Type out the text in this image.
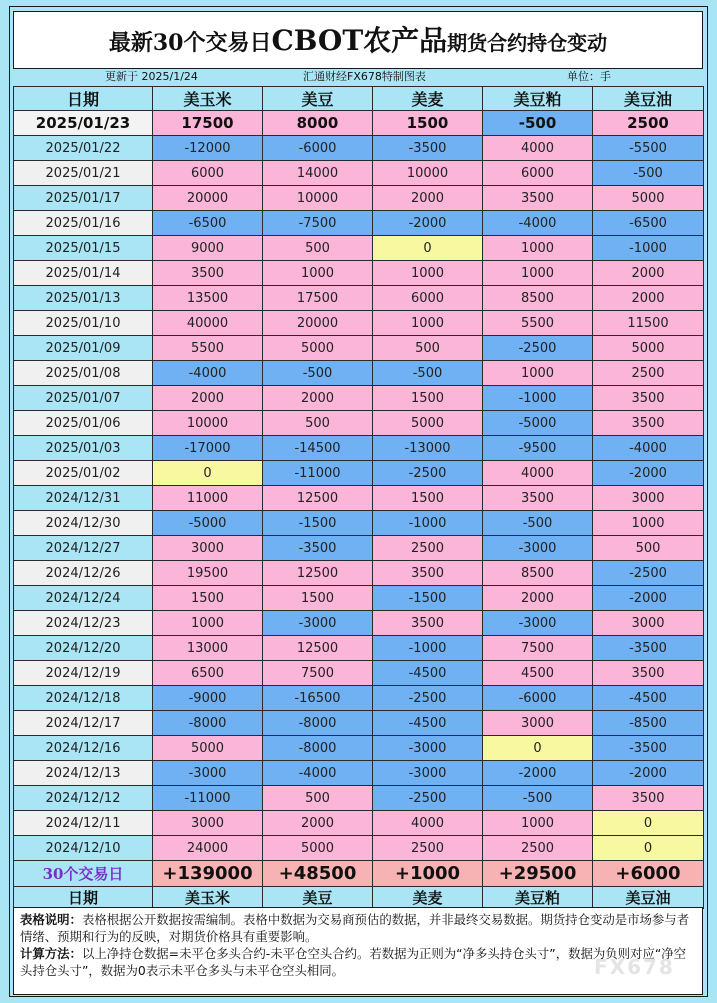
最新30个交易日CBOT农产品期货合约持仓变动
更新于 2025/1/24	汇通财经FX678特制图表	单位：手
日期	美玉米	美豆	美麦	美豆粕	美豆油
2025/01/23	17500	8000	1500	-500	2500
2025/01/22	-12000	-6000	-3500	4000	-5500
2025/01/21	6000	14000	10000	6000	-500
2025/01/17	20000	10000	2000	3500	5000
2025/01/16	-6500	-7500	-2000	-4000	-6500
2025/01/15	9000	500	0	1000	-1000
2025/01/14	3500	1000	1000	1000	2000
2025/01/13	13500	17500	6000	8500	2000
2025/01/10	40000	20000	1000	5500	11500
2025/01/09	5500	5000	500	-2500	5000
2025/01/08	-4000	-500	-500	1000	2500
2025/01/07	2000	2000	1500	-1000	3500
2025/01/06	10000	500	5000	-5000	3500
2025/01/03	-17000	-14500	-13000	-9500	-4000
2025/01/02	0	-11000	-2500	4000	-2000
2024/12/31	11000	12500	1500	3500	3000
2024/12/30	-5000	-1500	-1000	-500	1000
2024/12/27	3000	-3500	2500	-3000	500
2024/12/26	19500	12500	3500	8500	-2500
2024/12/24	1500	1500	-1500	2000	-2000
2024/12/23	1000	-3000	3500	-3000	3000
2024/12/20	13000	12500	-1000	7500	-3500
2024/12/19	6500	7500	-4500	4500	3500
2024/12/18	-9000	-16500	-2500	-6000	-4500
2024/12/17	-8000	-8000	-4500	3000	-8500
2024/12/16	5000	-8000	-3000	0	-3500
2024/12/13	-3000	-4000	-3000	-2000	-2000
2024/12/12	-11000	500	-2500	-500	3500
2024/12/11	3000	2000	4000	1000	0
2024/12/10	24000	5000	2500	2500	0
30个交易日	+139000	+48500	+1000	+29500	+6000
日期	美玉米	美豆	美麦	美豆粕	美豆油
表格说明：表格根据公开数据按需编制。表格中数据为交易商预估的数据，并非最终交易数据。期货持仓变动是市场参与者情绪、预期和行为的反映，对期货价格具有重要影响。
计算方法：以上净持仓数据=未平仓多头合约-未平仓空头合约。若数据为正则为“净多头持仓头寸”，数据为负则对应“净空头持仓头寸”，数据为0表示未平仓多头与未平仓空头相同。	FX678
